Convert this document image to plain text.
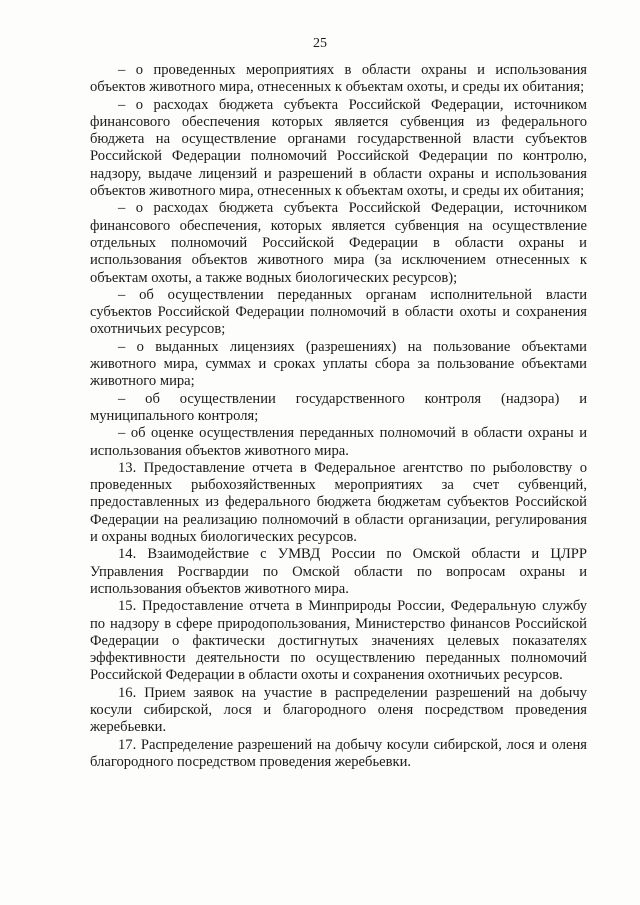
25

– о проведенных мероприятиях в области охраны и использования объектов животного мира, отнесенных к объектам охоты, и среды их обитания;

– о расходах бюджета субъекта Российской Федерации, источником финансового обеспечения которых является субвенция из федерального бюджета на осуществление органами государственной власти субъектов Российской Федерации полномочий Российской Федерации по контролю, надзору, выдаче лицензий и разрешений в области охраны и использования объектов животного мира, отнесенных к объектам охоты, и среды их обитания;

– о расходах бюджета субъекта Российской Федерации, источником финансового обеспечения, которых является субвенция на осуществление отдельных полномочий Российской Федерации в области охраны и использования объектов животного мира (за исключением отнесенных к объектам охоты, а также водных биологических ресурсов);

– об осуществлении переданных органам исполнительной власти субъектов Российской Федерации полномочий в области охоты и сохранения охотничьих ресурсов;

– о выданных лицензиях (разрешениях) на пользование объектами животного мира, суммах и сроках уплаты сбора за пользование объектами животного мира;

– об осуществлении государственного контроля (надзора) и муниципального контроля;

– об оценке осуществления переданных полномочий в области охраны и использования объектов животного мира.

13. Предоставление отчета в Федеральное агентство по рыболовству о проведенных рыбохозяйственных мероприятиях за счет субвенций, предоставленных из федерального бюджета бюджетам субъектов Российской Федерации на реализацию полномочий в области организации, регулирования и охраны водных биологических ресурсов.

14. Взаимодействие с УМВД России по Омской области и ЦЛРР Управления Росгвардии по Омской области по вопросам охраны и использования объектов животного мира.

15. Предоставление отчета в Минприроды России, Федеральную службу по надзору в сфере природопользования, Министерство финансов Российской Федерации о фактически достигнутых значениях целевых показателях эффективности деятельности по осуществлению переданных полномочий Российской Федерации в области охоты и сохранения охотничьих ресурсов.

16. Прием заявок на участие в распределении разрешений на добычу косули сибирской, лося и благородного оленя посредством проведения жеребьевки.

17. Распределение разрешений на добычу косули сибирской, лося и оленя благородного посредством проведения жеребьевки.
